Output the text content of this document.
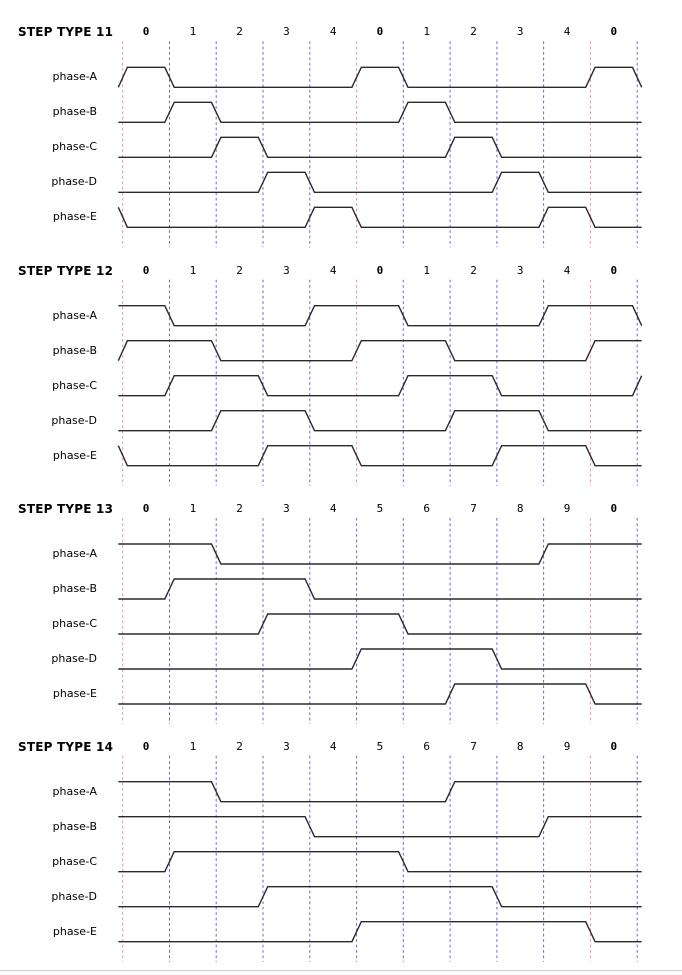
STEP TYPE 11
STEP TYPE 12
STEP TYPE 13
STEP TYPE 14
phase-A
phase-B
phase-C
phase-D
phase-E
0	1	2	3	4	0	1	2	3	4	0
phase-A
phase-B
phase-C
phase-D
phase-E
0	1	2	3	4	0	1	2	3	4	0
phase-A
phase-B
phase-C
phase-D
phase-E
0	1	2	3	4	5	6	7	8	9	0
phase-A
phase-B
phase-C
phase-D
phase-E
0	1	2	3	4	5	6	7	8	9	0
